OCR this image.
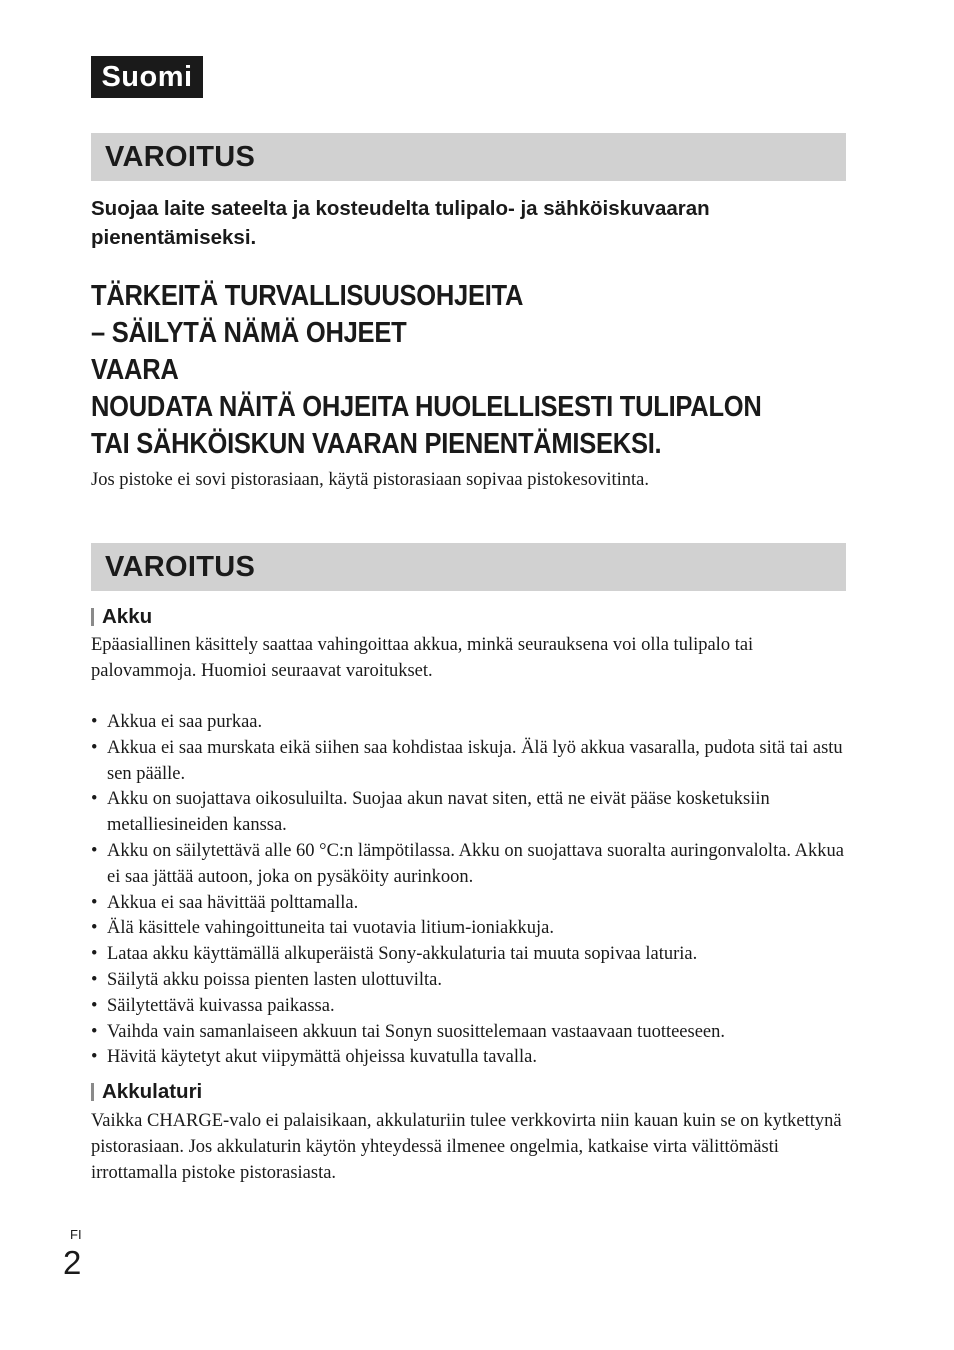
Suomi
VAROITUS
Suojaa laite sateelta ja kosteudelta tulipalo- ja sähköiskuvaaran pienentämiseksi.
TÄRKEITÄ TURVALLISUUSOHJEITA
– SÄILYTÄ NÄMÄ OHJEET
VAARA
NOUDATA NÄITÄ OHJEITA HUOLELLISESTI TULIPALON
TAI SÄHKÖISKUN VAARAN PIENENTÄMISEKSI.
Jos pistoke ei sovi pistorasiaan, käytä pistorasiaan sopivaa pistokesovitinta.
VAROITUS
Akku
Epäasiallinen käsittely saattaa vahingoittaa akkua, minkä seurauksena voi olla tulipalo tai palovammoja. Huomioi seuraavat varoitukset.
• Akkua ei saa purkaa.
• Akkua ei saa murskata eikä siihen saa kohdistaa iskuja. Älä lyö akkua vasaralla, pudota sitä tai astu sen päälle.
• Akku on suojattava oikosuluilta. Suojaa akun navat siten, että ne eivät pääse kosketuksiin metalliesineiden kanssa.
• Akku on säilytettävä alle 60 °C:n lämpötilassa. Akku on suojattava suoralta auringonvalolta. Akkua ei saa jättää autoon, joka on pysäköity aurinkoon.
• Akkua ei saa hävittää polttamalla.
• Älä käsittele vahingoittuneita tai vuotavia litium-ioniakkuja.
• Lataa akku käyttämällä alkuperäistä Sony-akkulaturia tai muuta sopivaa laturia.
• Säilytä akku poissa pienten lasten ulottuvilta.
• Säilytettävä kuivassa paikassa.
• Vaihda vain samanlaiseen akkuun tai Sonyn suosittelemaan vastaavaan tuotteeseen.
• Hävitä käytetyt akut viipymättä ohjeissa kuvatulla tavalla.
Akkulaturi
Vaikka CHARGE-valo ei palaisikaan, akkulaturiin tulee verkkovirta niin kauan kuin se on kytkettynä pistorasiaan. Jos akkulaturin käytön yhteydessä ilmenee ongelmia, katkaise virta välittömästi irrottamalla pistoke pistorasiasta.
FI
2
